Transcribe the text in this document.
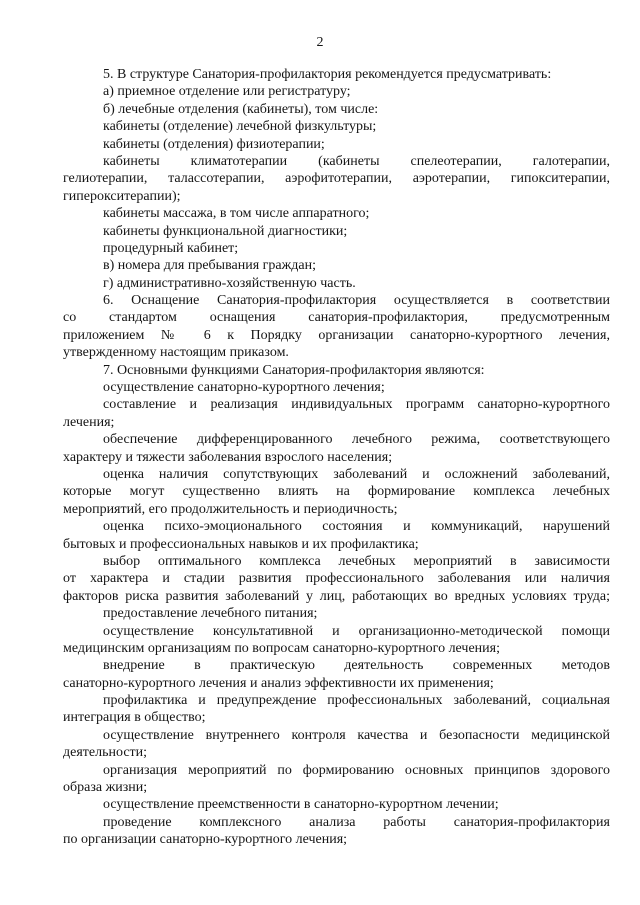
2
5. В структуре Санатория-профилактория рекомендуется предусматривать:
а) приемное отделение или регистратуру;
б) лечебные отделения (кабинеты), том числе:
кабинеты (отделение) лечебной физкультуры;
кабинеты (отделения) физиотерапии;
кабинеты климатотерапии (кабинеты спелеотерапии, галотерапии,
гелиотерапии, талассотерапии, аэрофитотерапии, аэротерапии, гипокситерапии,
гиперокситерапии);
кабинеты массажа, в том числе аппаратного;
кабинеты функциональной диагностики;
процедурный кабинет;
в) номера для пребывания граждан;
г) административно-хозяйственную часть.
6. Оснащение Санатория-профилактория осуществляется в соответствии
со стандартом оснащения санатория-профилактория, предусмотренным
приложением № 6 к Порядку организации санаторно-курортного лечения,
утвержденному настоящим приказом.
7. Основными функциями Санатория-профилактория являются:
осуществление санаторно-курортного лечения;
составление и реализация индивидуальных программ санаторно-курортного
лечения;
обеспечение дифференцированного лечебного режима, соответствующего
характеру и тяжести заболевания взрослого населения;
оценка наличия сопутствующих заболеваний и осложнений заболеваний,
которые могут существенно влиять на формирование комплекса лечебных
мероприятий, его продолжительность и периодичность;
оценка психо-эмоционального состояния и коммуникаций, нарушений
бытовых и профессиональных навыков и их профилактика;
выбор оптимального комплекса лечебных мероприятий в зависимости
от характера и стадии развития профессионального заболевания или наличия
факторов риска развития заболеваний у лиц, работающих во вредных условиях труда;
предоставление лечебного питания;
осуществление консультативной и организационно-методической помощи
медицинским организациям по вопросам санаторно-курортного лечения;
внедрение в практическую деятельность современных методов
санаторно-курортного лечения и анализ эффективности их применения;
профилактика и предупреждение профессиональных заболеваний, социальная
интеграция в общество;
осуществление внутреннего контроля качества и безопасности медицинской
деятельности;
организация мероприятий по формированию основных принципов здорового
образа жизни;
осуществление преемственности в санаторно-курортном лечении;
проведение комплексного анализа работы санатория-профилактория
по организации санаторно-курортного лечения;
